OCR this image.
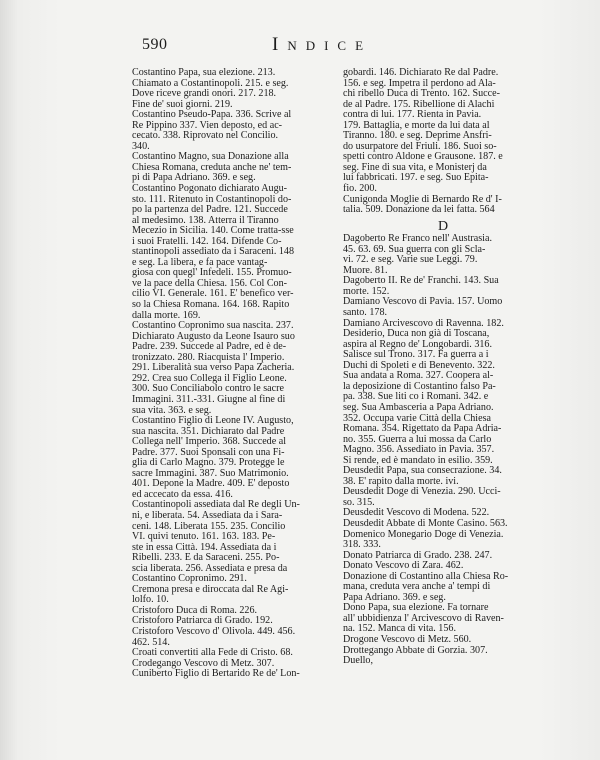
590	Indice
Costantino Papa, sua elezione. 213.
Chiamato a Costantinopoli. 215. e seg.
Dove riceve grandi onori. 217. 218.
Fine de' suoi giorni. 219.
Costantino Pseudo-Papa. 336. Scrive al
Re Pippino 337. Vien deposto, ed ac-
cecato. 338. Riprovato nel Concilio.
340.
Costantino Magno, sua Donazione alla
Chiesa Romana, creduta anche ne' tem-
pi di Papa Adriano. 369. e seg.
Costantino Pogonato dichiarato Augu-
sto. 111. Ritenuto in Costantinopoli do-
po la partenza del Padre. 121. Succede
al medesimo. 138. Atterra il Tiranno
Mecezio in Sicilia. 140. Come tratta-sse
i suoi Fratelli. 142. 164. Difende Co-
stantinopoli assediato da i Saraceni. 148
e seg. La libera, e fa pace vantag-
giosa con quegl' Infedeli. 155. Promuo-
ve la pace della Chiesa. 156. Col Con-
cilio VI. Generale. 161. E' benefico ver-
so la Chiesa Romana. 164. 168. Rapito
dalla morte. 169.
Costantino Copronimo sua nascita. 237.
Dichiarato Augusto da Leone Isauro suo
Padre. 239. Succede al Padre, ed è de-
tronizzato. 280. Riacquista l' Imperio.
291. Liberalità sua verso Papa Zacheria.
292. Crea suo Collega il Figlio Leone.
300. Suo Conciliabolo contro le sacre
Immagini. 311.-331. Giugne al fine di
sua vita. 363. e seg.
Costantino Figlio di Leone IV. Augusto,
sua nascita. 351. Dichiarato dal Padre
Collega nell' Imperio. 368. Succede al
Padre. 377. Suoi Sponsali con una Fi-
glia di Carlo Magno. 379. Protegge le
sacre Immagini. 387. Suo Matrimonio.
401. Depone la Madre. 409. E' deposto
ed accecato da essa. 416.
Costantinopoli assediata dal Re degli Un-
ni, e liberata. 54. Assediata da i Sara-
ceni. 148. Liberata 155. 235. Concilio
VI. quivi tenuto. 161. 163. 183. Pe-
ste in essa Città. 194. Assediata da i
Ribelli. 233. E da Saraceni. 255. Po-
scia liberata. 256. Assediata e presa da
Costantino Copronimo. 291.
Cremona presa e diroccata dal Re Agi-
lolfo. 10.
Cristoforo Duca di Roma. 226.
Cristoforo Patriarca di Grado. 192.
Cristoforo Vescovo d' Olivola. 449. 456.
462. 514.
Croati convertiti alla Fede di Cristo. 68.
Crodegango Vescovo di Metz. 307.
Cuniberto Figlio di Bertarido Re de' Lon-
gobardi. 146. Dichiarato Re dal Padre.
156. e seg. Impetra il perdono ad Ala-
chi ribello Duca di Trento. 162. Succe-
de al Padre. 175. Ribellione di Alachi
contra di lui. 177. Rienta in Pavia.
179. Battaglia, e morte da lui data al
Tiranno. 180. e seg. Deprime Ansfri-
do usurpatore del Friuli. 186. Suoi so-
spetti contro Aldone e Grausone. 187. e
seg. Fine di sua vita, e Monisterj da
lui fabbricati. 197. e seg. Suo Epita-
fio. 200.
Cunigonda Moglie di Bernardo Re d' I-
talia. 509. Donazione da lei fatta. 564
D
Dagoberto Re Franco nell' Austrasia.
45. 63. 69. Sua guerra con gli Scla-
vi. 72. e seg. Varie sue Leggi. 79.
Muore. 81.
Dagoberto II. Re de' Franchi. 143. Sua
morte. 152.
Damiano Vescovo di Pavia. 157. Uomo
santo. 178.
Damiano Arcivescovo di Ravenna. 182.
Desiderio, Duca non già di Toscana,
aspira al Regno de' Longobardi. 316.
Salisce sul Trono. 317. Fa guerra a i
Duchi di Spoleti e di Benevento. 322.
Sua andata a Roma. 327. Coopera al-
la deposizione di Costantino falso Pa-
pa. 338. Sue liti co i Romani. 342. e
seg. Sua Ambasceria a Papa Adriano.
352. Occupa varie Città della Chiesa
Romana. 354. Rigettato da Papa Adria-
no. 355. Guerra a lui mossa da Carlo
Magno. 356. Assediato in Pavia. 357.
Si rende, ed è mandato in esilio. 359.
Deusdedit Papa, sua consecrazione. 34.
38. E' rapito dalla morte. ivi.
Deusdedit Doge di Venezia. 290. Ucci-
so. 315.
Deusdedit Vescovo di Modena. 522.
Deusdedit Abbate di Monte Casino. 563.
Domenico Monegario Doge di Venezia.
318. 333.
Donato Patriarca di Grado. 238. 247.
Donato Vescovo di Zara. 462.
Donazione di Costantino alla Chiesa Ro-
mana, creduta vera anche a' tempi di
Papa Adriano. 369. e seg.
Dono Papa, sua elezione. Fa tornare
all' ubbidienza l' Arcivescovo di Raven-
na. 152. Manca di vita. 156.
Drogone Vescovo di Metz. 560.
Drottegango Abbate di Gorzia. 307.
Duello,
